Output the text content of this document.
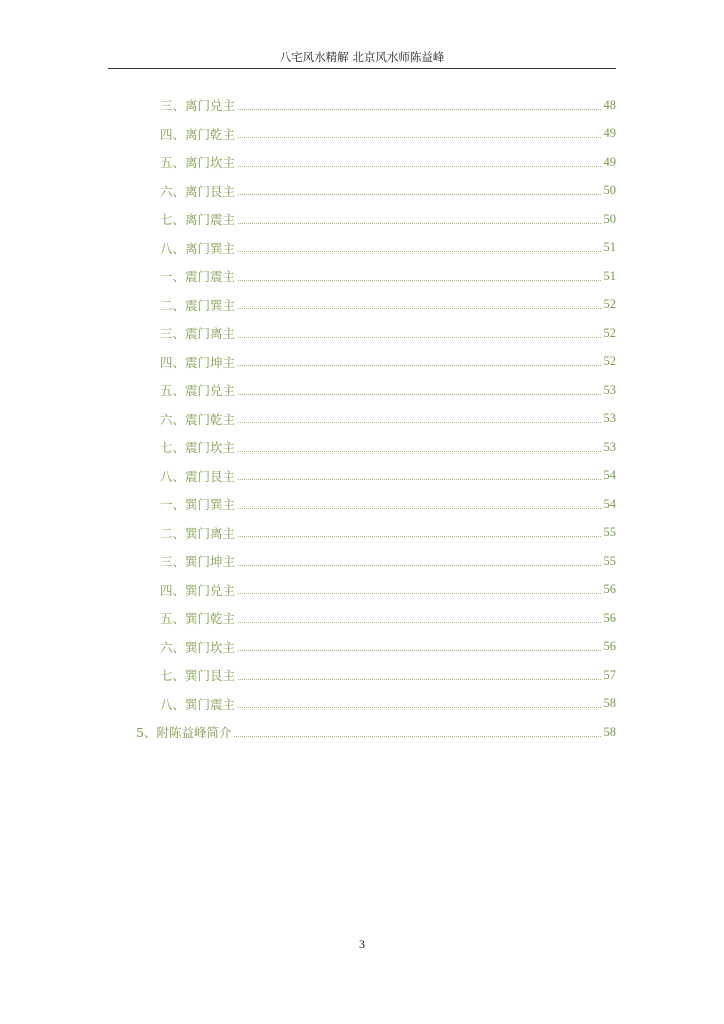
八宅风水精解 北京风水师陈益峰
三、离门兑主	48
四、离门乾主	49
五、离门坎主	49
六、离门艮主	50
七、离门震主	50
八、离门巽主	51
一、震门震主	51
二、震门巽主	52
三、震门离主	52
四、震门坤主	52
五、震门兑主	53
六、震门乾主	53
七、震门坎主	53
八、震门艮主	54
一、巽门巽主	54
二、巽门离主	55
三、巽门坤主	55
四、巽门兑主	56
五、巽门乾主	56
六、巽门坎主	56
七、巽门艮主	57
八、巽门震主	58
5、附陈益峰简介	58
3
